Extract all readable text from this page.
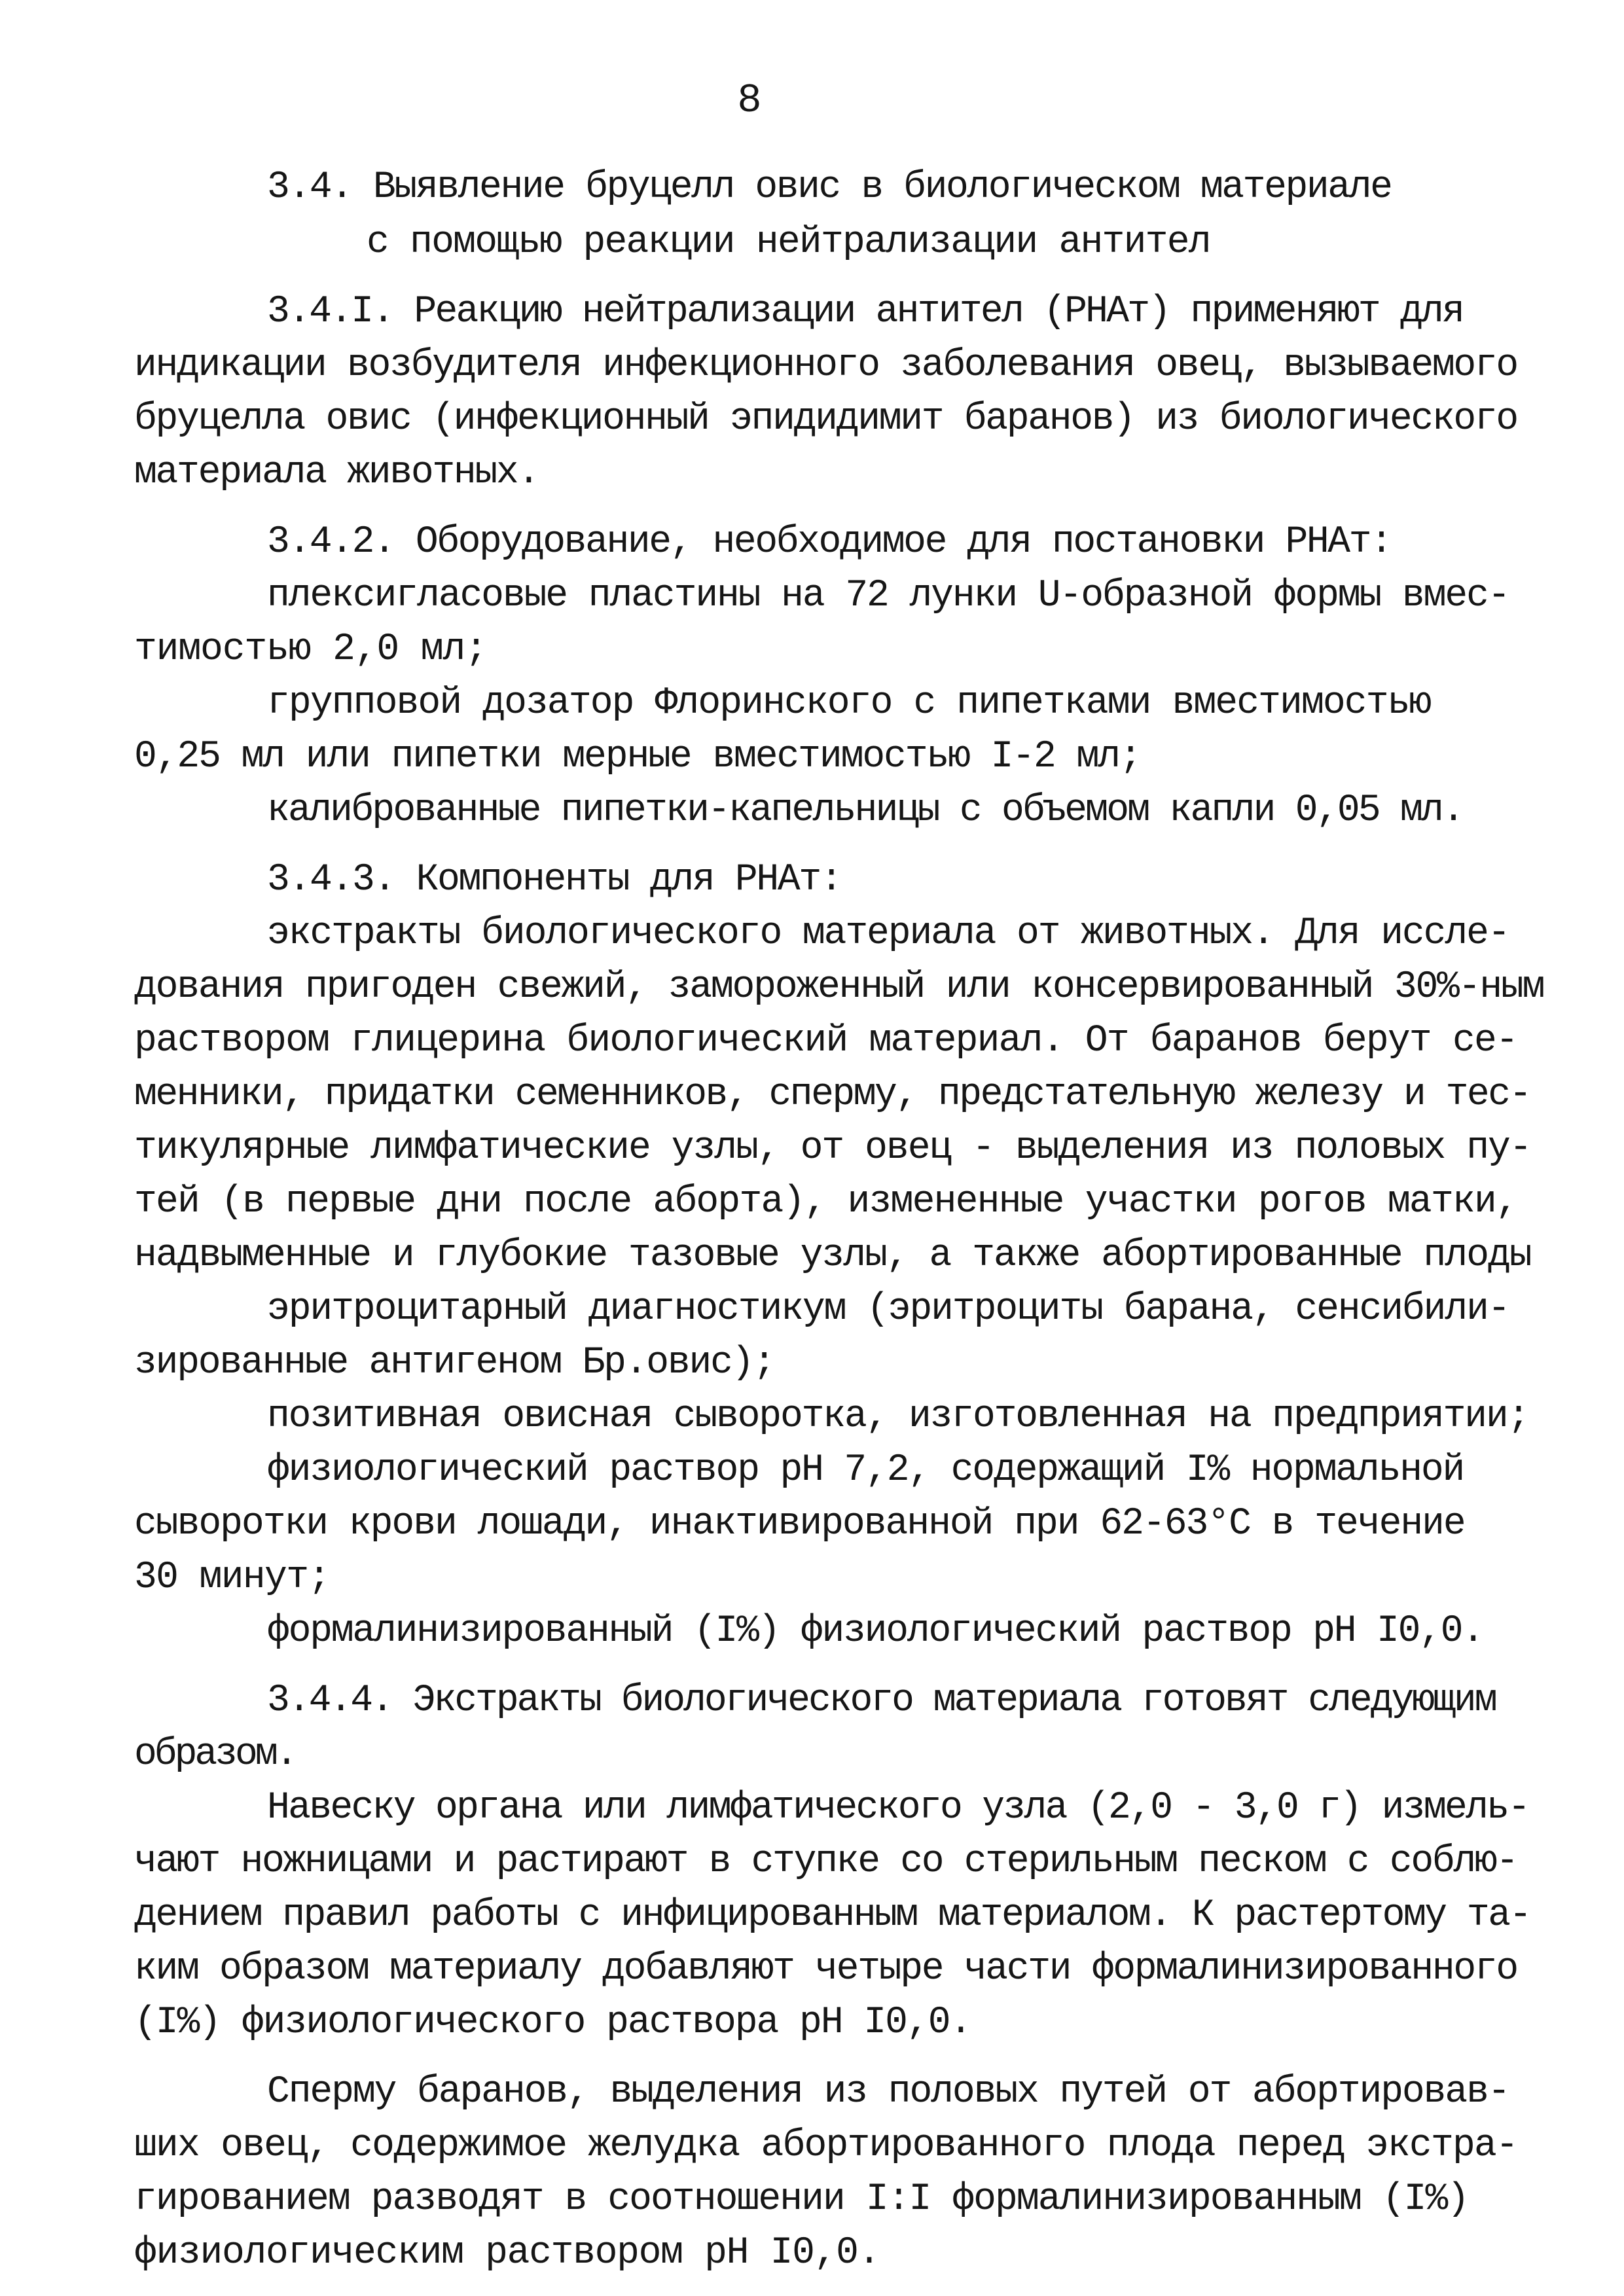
8
3.4. Выявление бруцелл овис в биологическом материале
с помощью реакции нейтрализации антител
3.4.I. Реакцию нейтрализации антител (РНАт) применяют для
индикации возбудителя инфекционного заболевания овец, вызываемого
бруцелла овис (инфекционный эпидидимит баранов) из биологического
материала животных.
3.4.2. Оборудование, необходимое для постановки РНАт:
плексигласовые пластины на 72 лунки U-образной формы вмес-
тимостью 2,0 мл;
групповой дозатор Флоринского с пипетками вместимостью
0,25 мл или пипетки мерные вместимостью I-2 мл;
калиброванные пипетки-капельницы с объемом капли 0,05 мл.
3.4.3. Компоненты для РНАт:
экстракты биологического материала от животных. Для иссле-
дования пригоден свежий, замороженный или консервированный 30%-ным
раствором глицерина биологический материал. От баранов берут се-
менники, придатки семенников, сперму, предстательную железу и тес-
тикулярные лимфатические узлы, от овец - выделения из половых пу-
тей (в первые дни после аборта), измененные участки рогов матки,
надвыменные и глубокие тазовые узлы, а также абортированные плоды
эритроцитарный диагностикум (эритроциты барана, сенсибили-
зированные антигеном Бр.овис);
позитивная овисная сыворотка, изготовленная на предприятии;
физиологический раствор рН 7,2, содержащий I% нормальной
сыворотки крови лошади, инактивированной при 62-63°С в течение
30 минут;
формалинизированный (I%) физиологический раствор рН I0,0.
3.4.4. Экстракты биологического материала готовят следующим
образом.
Навеску органа или лимфатического узла (2,0 - 3,0 г) измель-
чают ножницами и растирают в ступке со стерильным песком с соблю-
дением правил работы с инфицированным материалом. К растертому та-
ким образом материалу добавляют четыре части формалинизированного
(I%) физиологического раствора рН I0,0.
Сперму баранов, выделения из половых путей от абортировав-
ших овец, содержимое желудка абортированного плода перед экстра-
гированием разводят в соотношении I:I формалинизированным (I%)
физиологическим раствором рН I0,0.
